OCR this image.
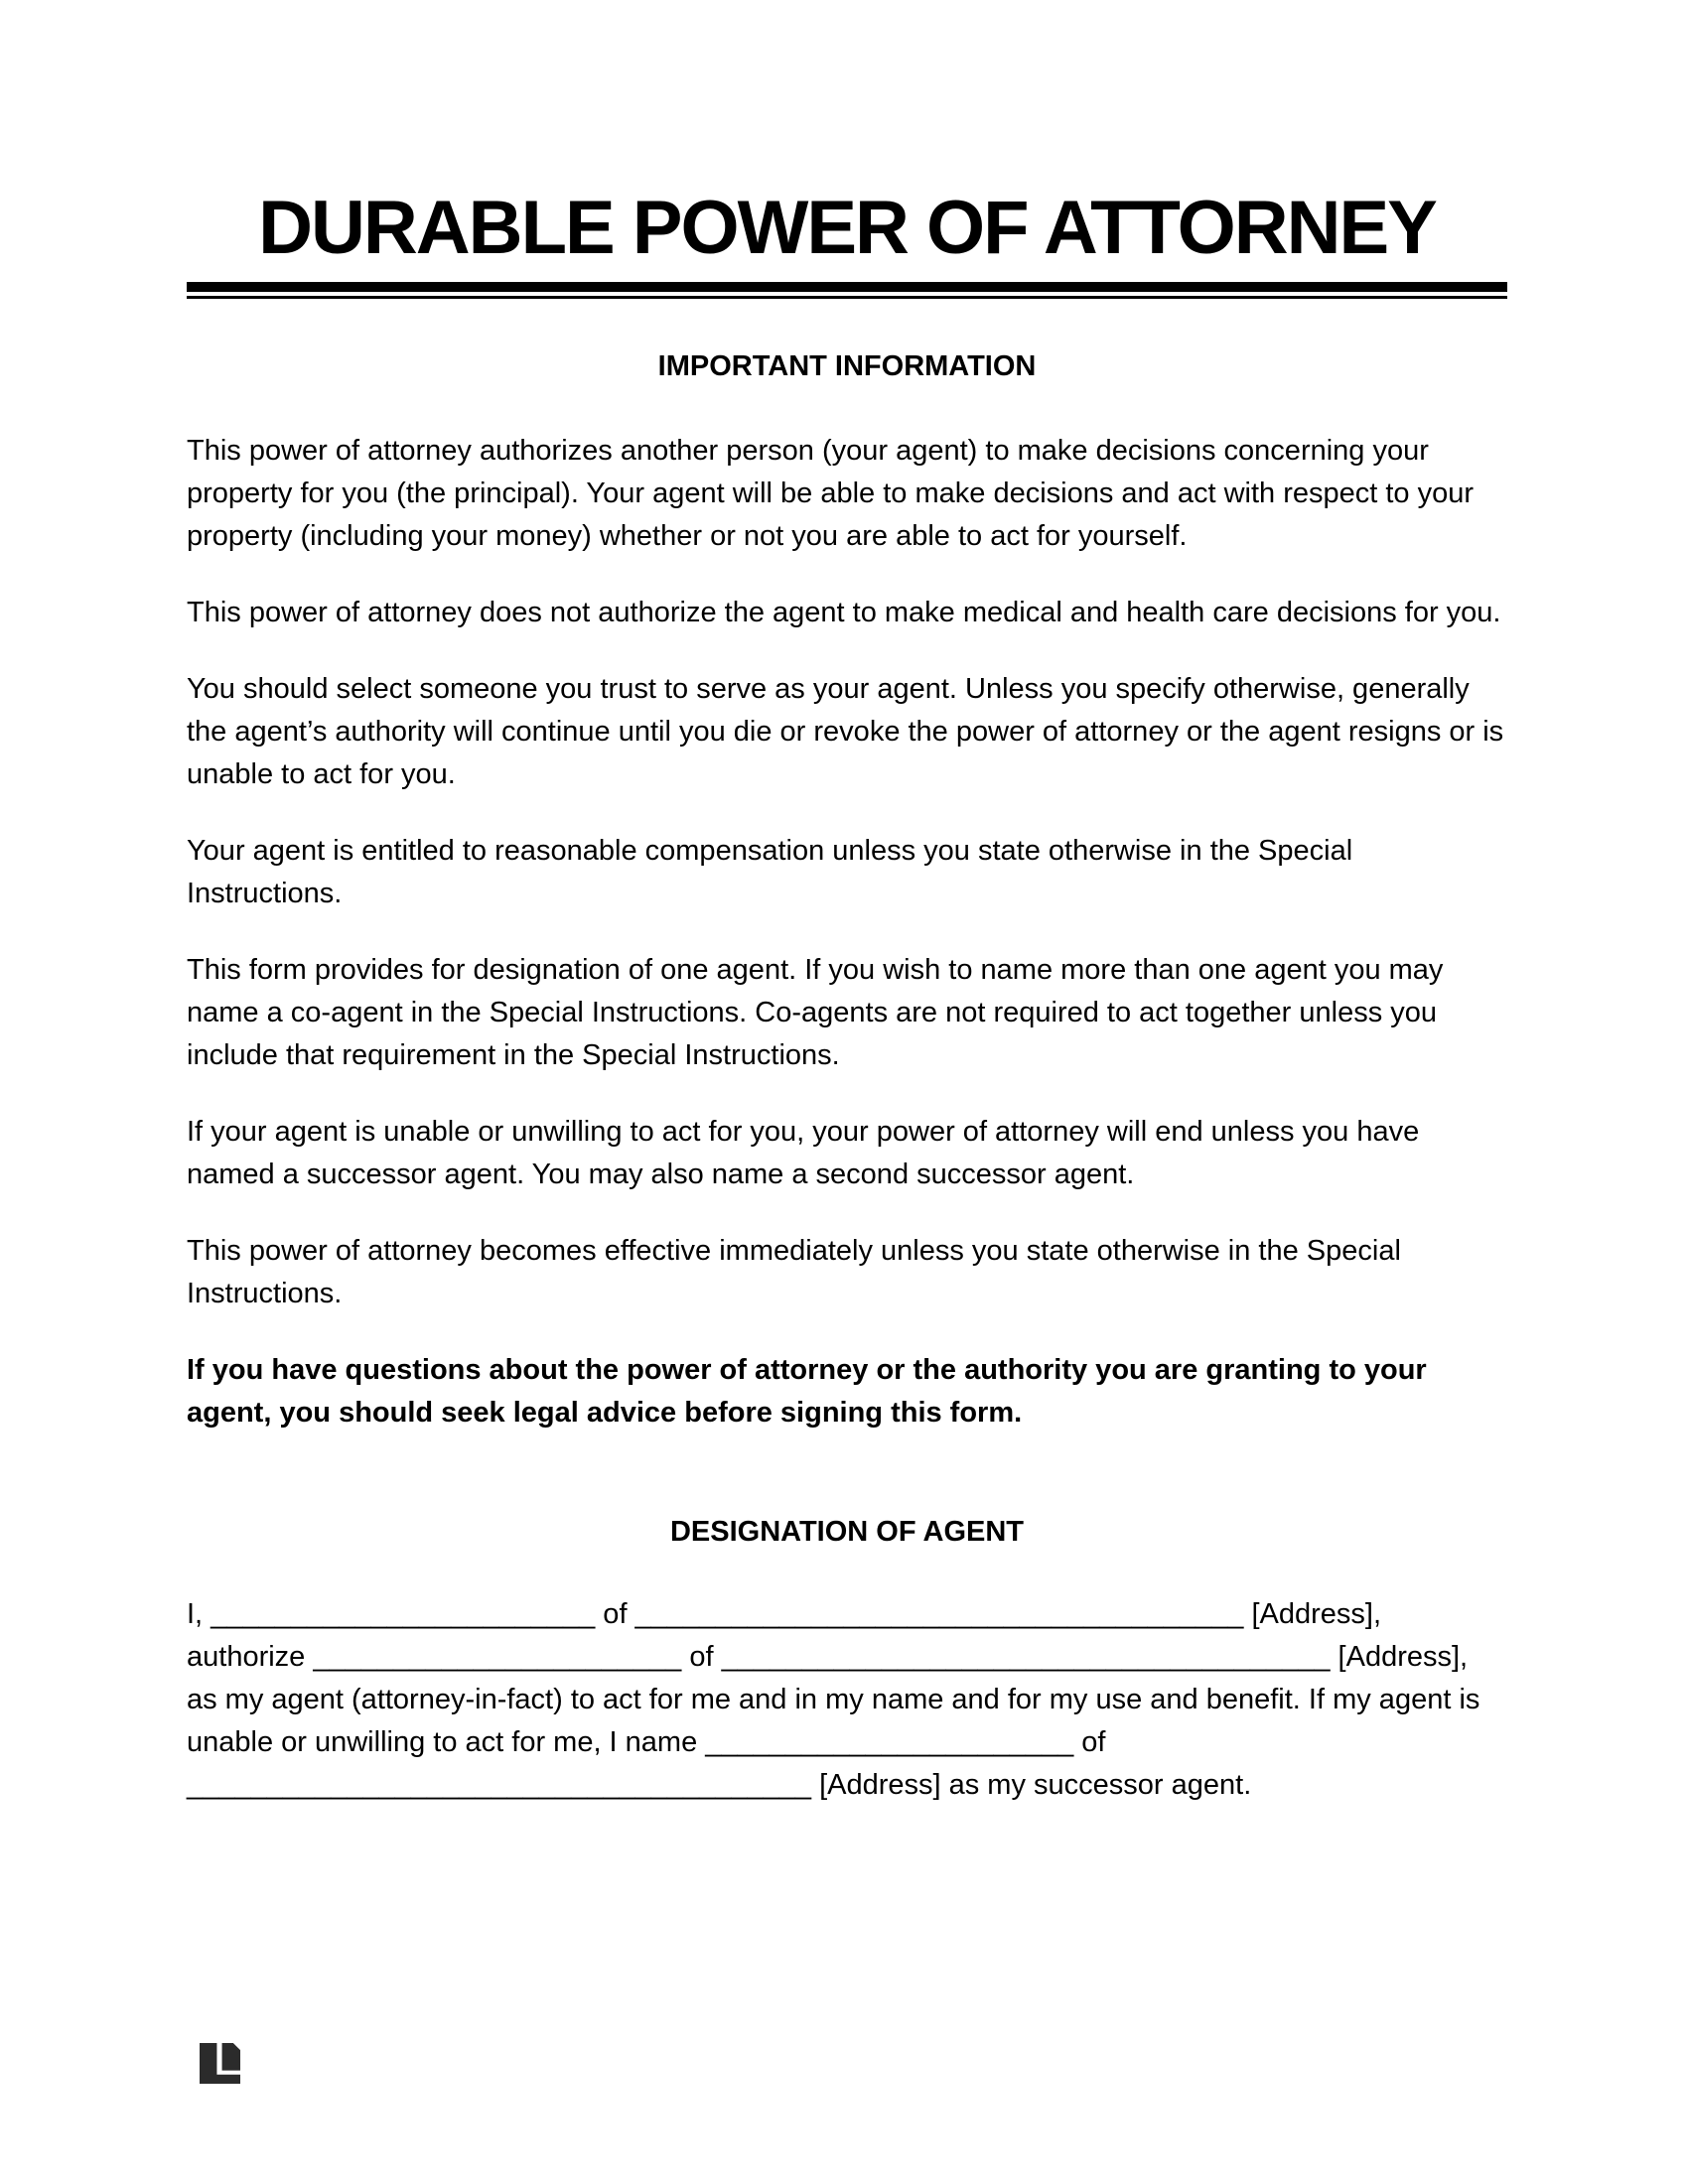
DURABLE POWER OF ATTORNEY
IMPORTANT INFORMATION

This power of attorney authorizes another person (your agent) to make decisions concerning your property for you (the principal). Your agent will be able to make decisions and act with respect to your property (including your money) whether or not you are able to act for yourself.

This power of attorney does not authorize the agent to make medical and health care decisions for you.

You should select someone you trust to serve as your agent. Unless you specify otherwise, generally the agent’s authority will continue until you die or revoke the power of attorney or the agent resigns or is unable to act for you.

Your agent is entitled to reasonable compensation unless you state otherwise in the Special Instructions.

This form provides for designation of one agent. If you wish to name more than one agent you may name a co-agent in the Special Instructions. Co-agents are not required to act together unless you include that requirement in the Special Instructions.

If your agent is unable or unwilling to act for you, your power of attorney will end unless you have named a successor agent. You may also name a second successor agent.

This power of attorney becomes effective immediately unless you state otherwise in the Special Instructions.

If you have questions about the power of attorney or the authority you are granting to your agent, you should seek legal advice before signing this form.

DESIGNATION OF AGENT
I, ________________________ of ______________________________________ [Address],
authorize _______________________ of ______________________________________ [Address],
as my agent (attorney-in-fact) to act for me and in my name and for my use and benefit. If my agent is
unable or unwilling to act for me, I name _______________________ of
_______________________________________ [Address] as my successor agent.
